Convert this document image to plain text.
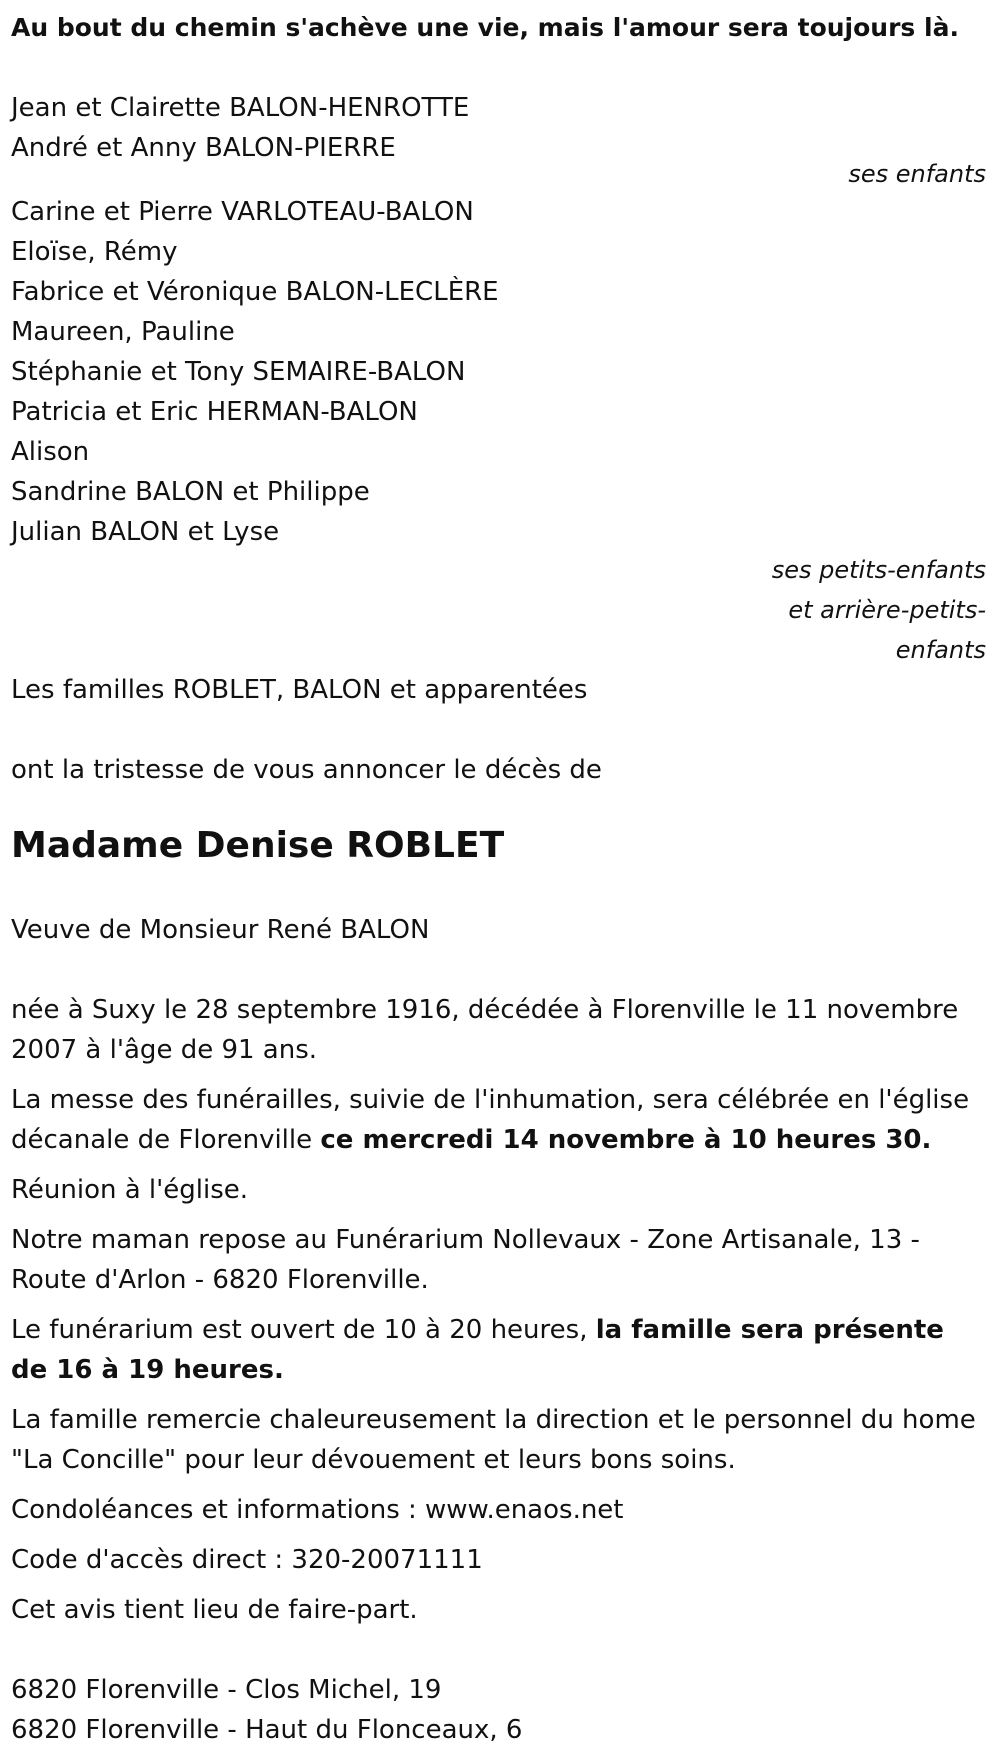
Au bout du chemin s'achève une vie, mais l'amour sera toujours là.
Jean et Clairette BALON-HENROTTE
André et Anny BALON-PIERRE
ses enfants
Carine et Pierre VARLOTEAU-BALON
Eloïse, Rémy
Fabrice et Véronique BALON-LECLÈRE
Maureen, Pauline
Stéphanie et Tony SEMAIRE-BALON
Patricia et Eric HERMAN-BALON
Alison
Sandrine BALON et Philippe
Julian BALON et Lyse
ses petits-enfants
et arrière-petits-
enfants
Les familles ROBLET, BALON et apparentées
ont la tristesse de vous annoncer le décès de
Madame Denise ROBLET
Veuve de Monsieur René BALON

née à Suxy le 28 septembre 1916, décédée à Florenville le 11 novembre 2007 à l'âge de 91 ans.

La messe des funérailles, suivie de l'inhumation, sera célébrée en l'église décanale de Florenville ce mercredi 14 novembre à 10 heures 30.

Réunion à l'église.

Notre maman repose au Funérarium Nollevaux - Zone Artisanale, 13 - Route d'Arlon - 6820 Florenville.

Le funérarium est ouvert de 10 à 20 heures, la famille sera présente de 16 à 19 heures.

La famille remercie chaleureusement la direction et le personnel du home "La Concille" pour leur dévouement et leurs bons soins.

Condoléances et informations : www.enaos.net

Code d'accès direct : 320-20071111

Cet avis tient lieu de faire-part.

6820 Florenville - Clos Michel, 19
6820 Florenville - Haut du Flonceaux, 6
